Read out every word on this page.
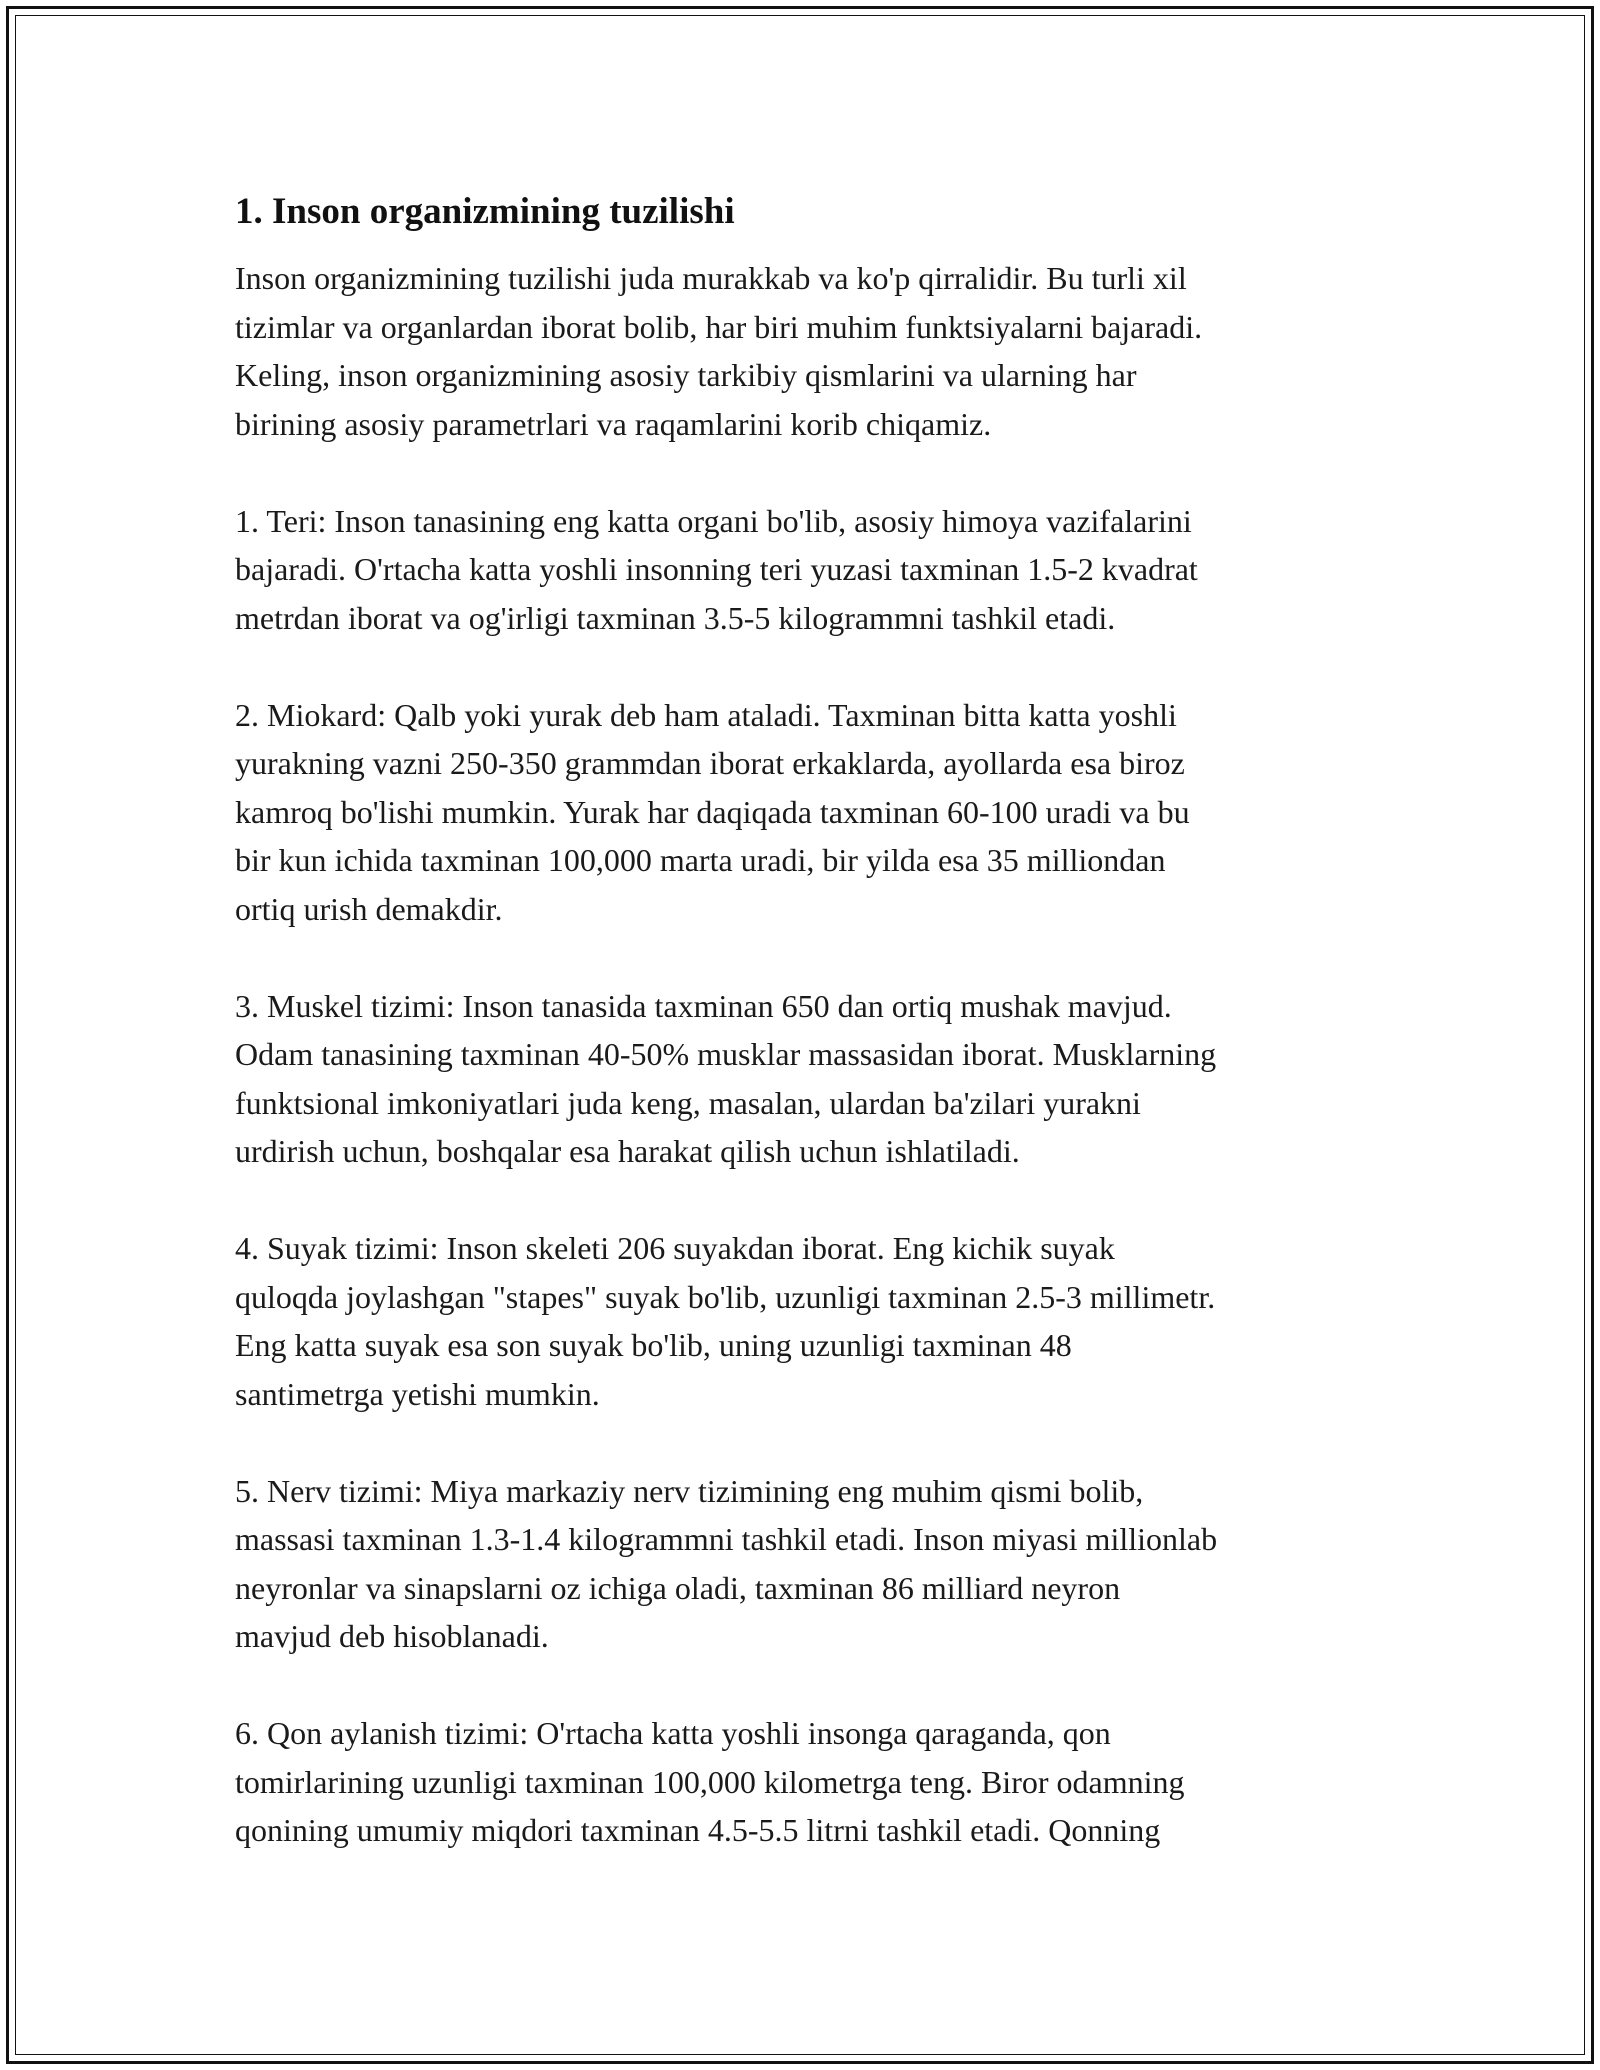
1. Inson organizmining tuzilishi

Inson organizmining tuzilishi juda murakkab va ko'p qirralidir. Bu turli xil
tizimlar va organlardan iborat bolib, har biri muhim funktsiyalarni bajaradi.
Keling, inson organizmining asosiy tarkibiy qismlarini va ularning har
birining asosiy parametrlari va raqamlarini korib chiqamiz.

1. Teri: Inson tanasining eng katta organi bo'lib, asosiy himoya vazifalarini
bajaradi. O'rtacha katta yoshli insonning teri yuzasi taxminan 1.5-2 kvadrat
metrdan iborat va og'irligi taxminan 3.5-5 kilogrammni tashkil etadi.

2. Miokard: Qalb yoki yurak deb ham ataladi. Taxminan bitta katta yoshli
yurakning vazni 250-350 grammdan iborat erkaklarda, ayollarda esa biroz
kamroq bo'lishi mumkin. Yurak har daqiqada taxminan 60-100 uradi va bu
bir kun ichida taxminan 100,000 marta uradi, bir yilda esa 35 milliondan
ortiq urish demakdir.

3. Muskel tizimi: Inson tanasida taxminan 650 dan ortiq mushak mavjud.
Odam tanasining taxminan 40-50% musklar massasidan iborat. Musklarning
funktsional imkoniyatlari juda keng, masalan, ulardan ba'zilari yurakni
urdirish uchun, boshqalar esa harakat qilish uchun ishlatiladi.

4. Suyak tizimi: Inson skeleti 206 suyakdan iborat. Eng kichik suyak
quloqda joylashgan "stapes" suyak bo'lib, uzunligi taxminan 2.5-3 millimetr.
Eng katta suyak esa son suyak bo'lib, uning uzunligi taxminan 48
santimetrga yetishi mumkin.

5. Nerv tizimi: Miya markaziy nerv tizimining eng muhim qismi bolib,
massasi taxminan 1.3-1.4 kilogrammni tashkil etadi. Inson miyasi millionlab
neyronlar va sinapslarni oz ichiga oladi, taxminan 86 milliard neyron
mavjud deb hisoblanadi.

6. Qon aylanish tizimi: O'rtacha katta yoshli insonga qaraganda, qon
tomirlarining uzunligi taxminan 100,000 kilometrga teng. Biror odamning
qonining umumiy miqdori taxminan 4.5-5.5 litrni tashkil etadi. Qonning
